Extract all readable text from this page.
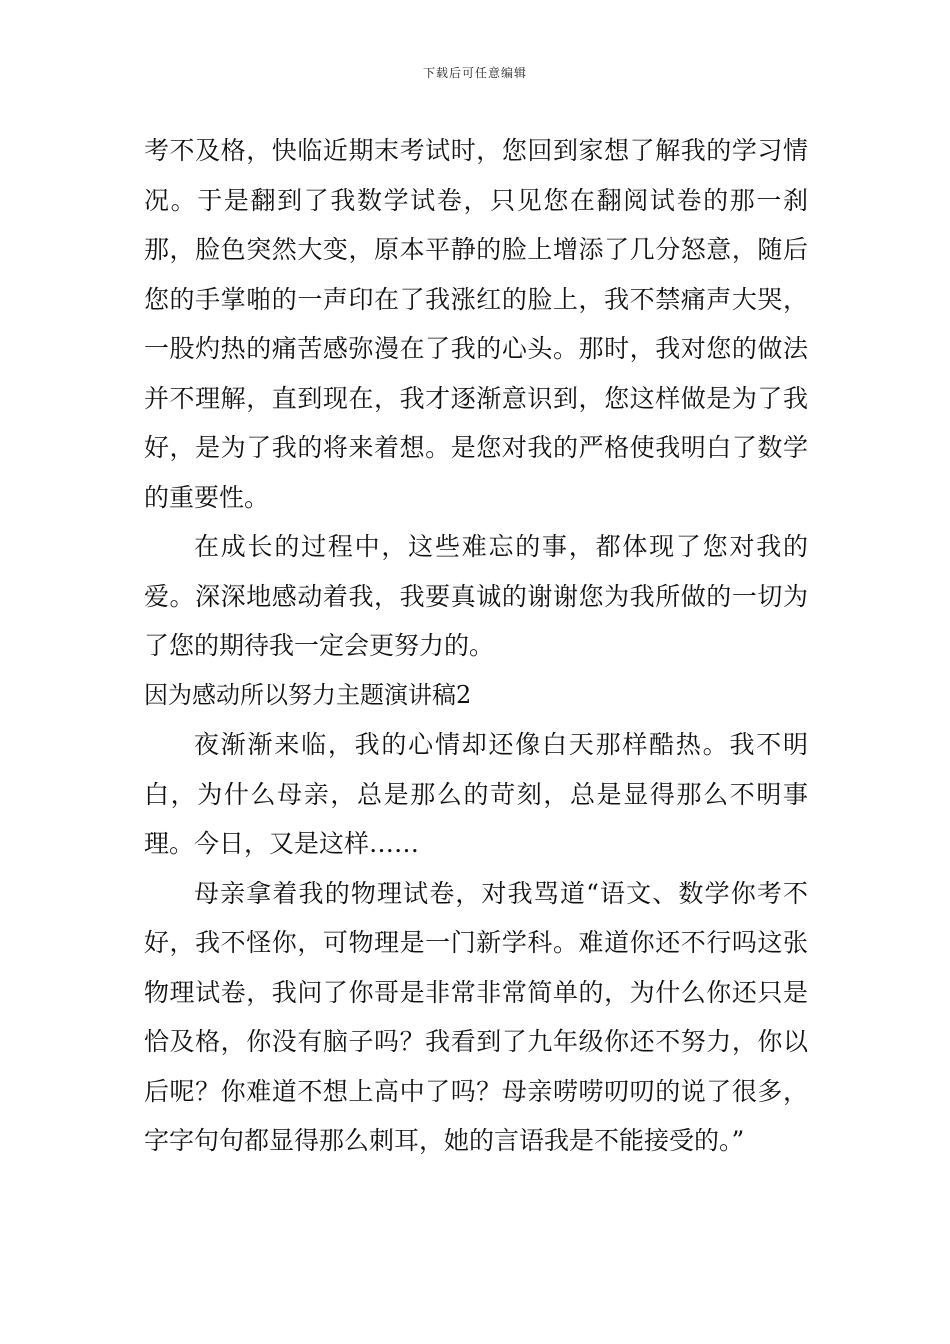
下载后可任意编辑

考不及格，快临近期末考试时，您回到家想了解我的学习情况。于是翻到了我数学试卷，只见您在翻阅试卷的那一刹那，脸色突然大变，原本平静的脸上增添了几分怒意，随后您的手掌啪的一声印在了我涨红的脸上，我不禁痛声大哭，一股灼热的痛苦感弥漫在了我的心头。那时，我对您的做法并不理解，直到现在，我才逐渐意识到，您这样做是为了我好，是为了我的将来着想。是您对我的严格使我明白了数学的重要性。

在成长的过程中，这些难忘的事，都体现了您对我的爱。深深地感动着我，我要真诚的谢谢您为我所做的一切为了您的期待我一定会更努力的。

因为感动所以努力主题演讲稿2

夜渐渐来临，我的心情却还像白天那样酷热。我不明白，为什么母亲，总是那么的苛刻，总是显得那么不明事理。今日，又是这样……

母亲拿着我的物理试卷，对我骂道“语文、数学你考不好，我不怪你，可物理是一门新学科。难道你还不行吗这张物理试卷，我问了你哥是非常非常简单的，为什么你还只是恰及格，你没有脑子吗？我看到了九年级你还不努力，你以后呢？你难道不想上高中了吗？母亲唠唠叨叨的说了很多，字字句句都显得那么刺耳，她的言语我是不能接受的。”
